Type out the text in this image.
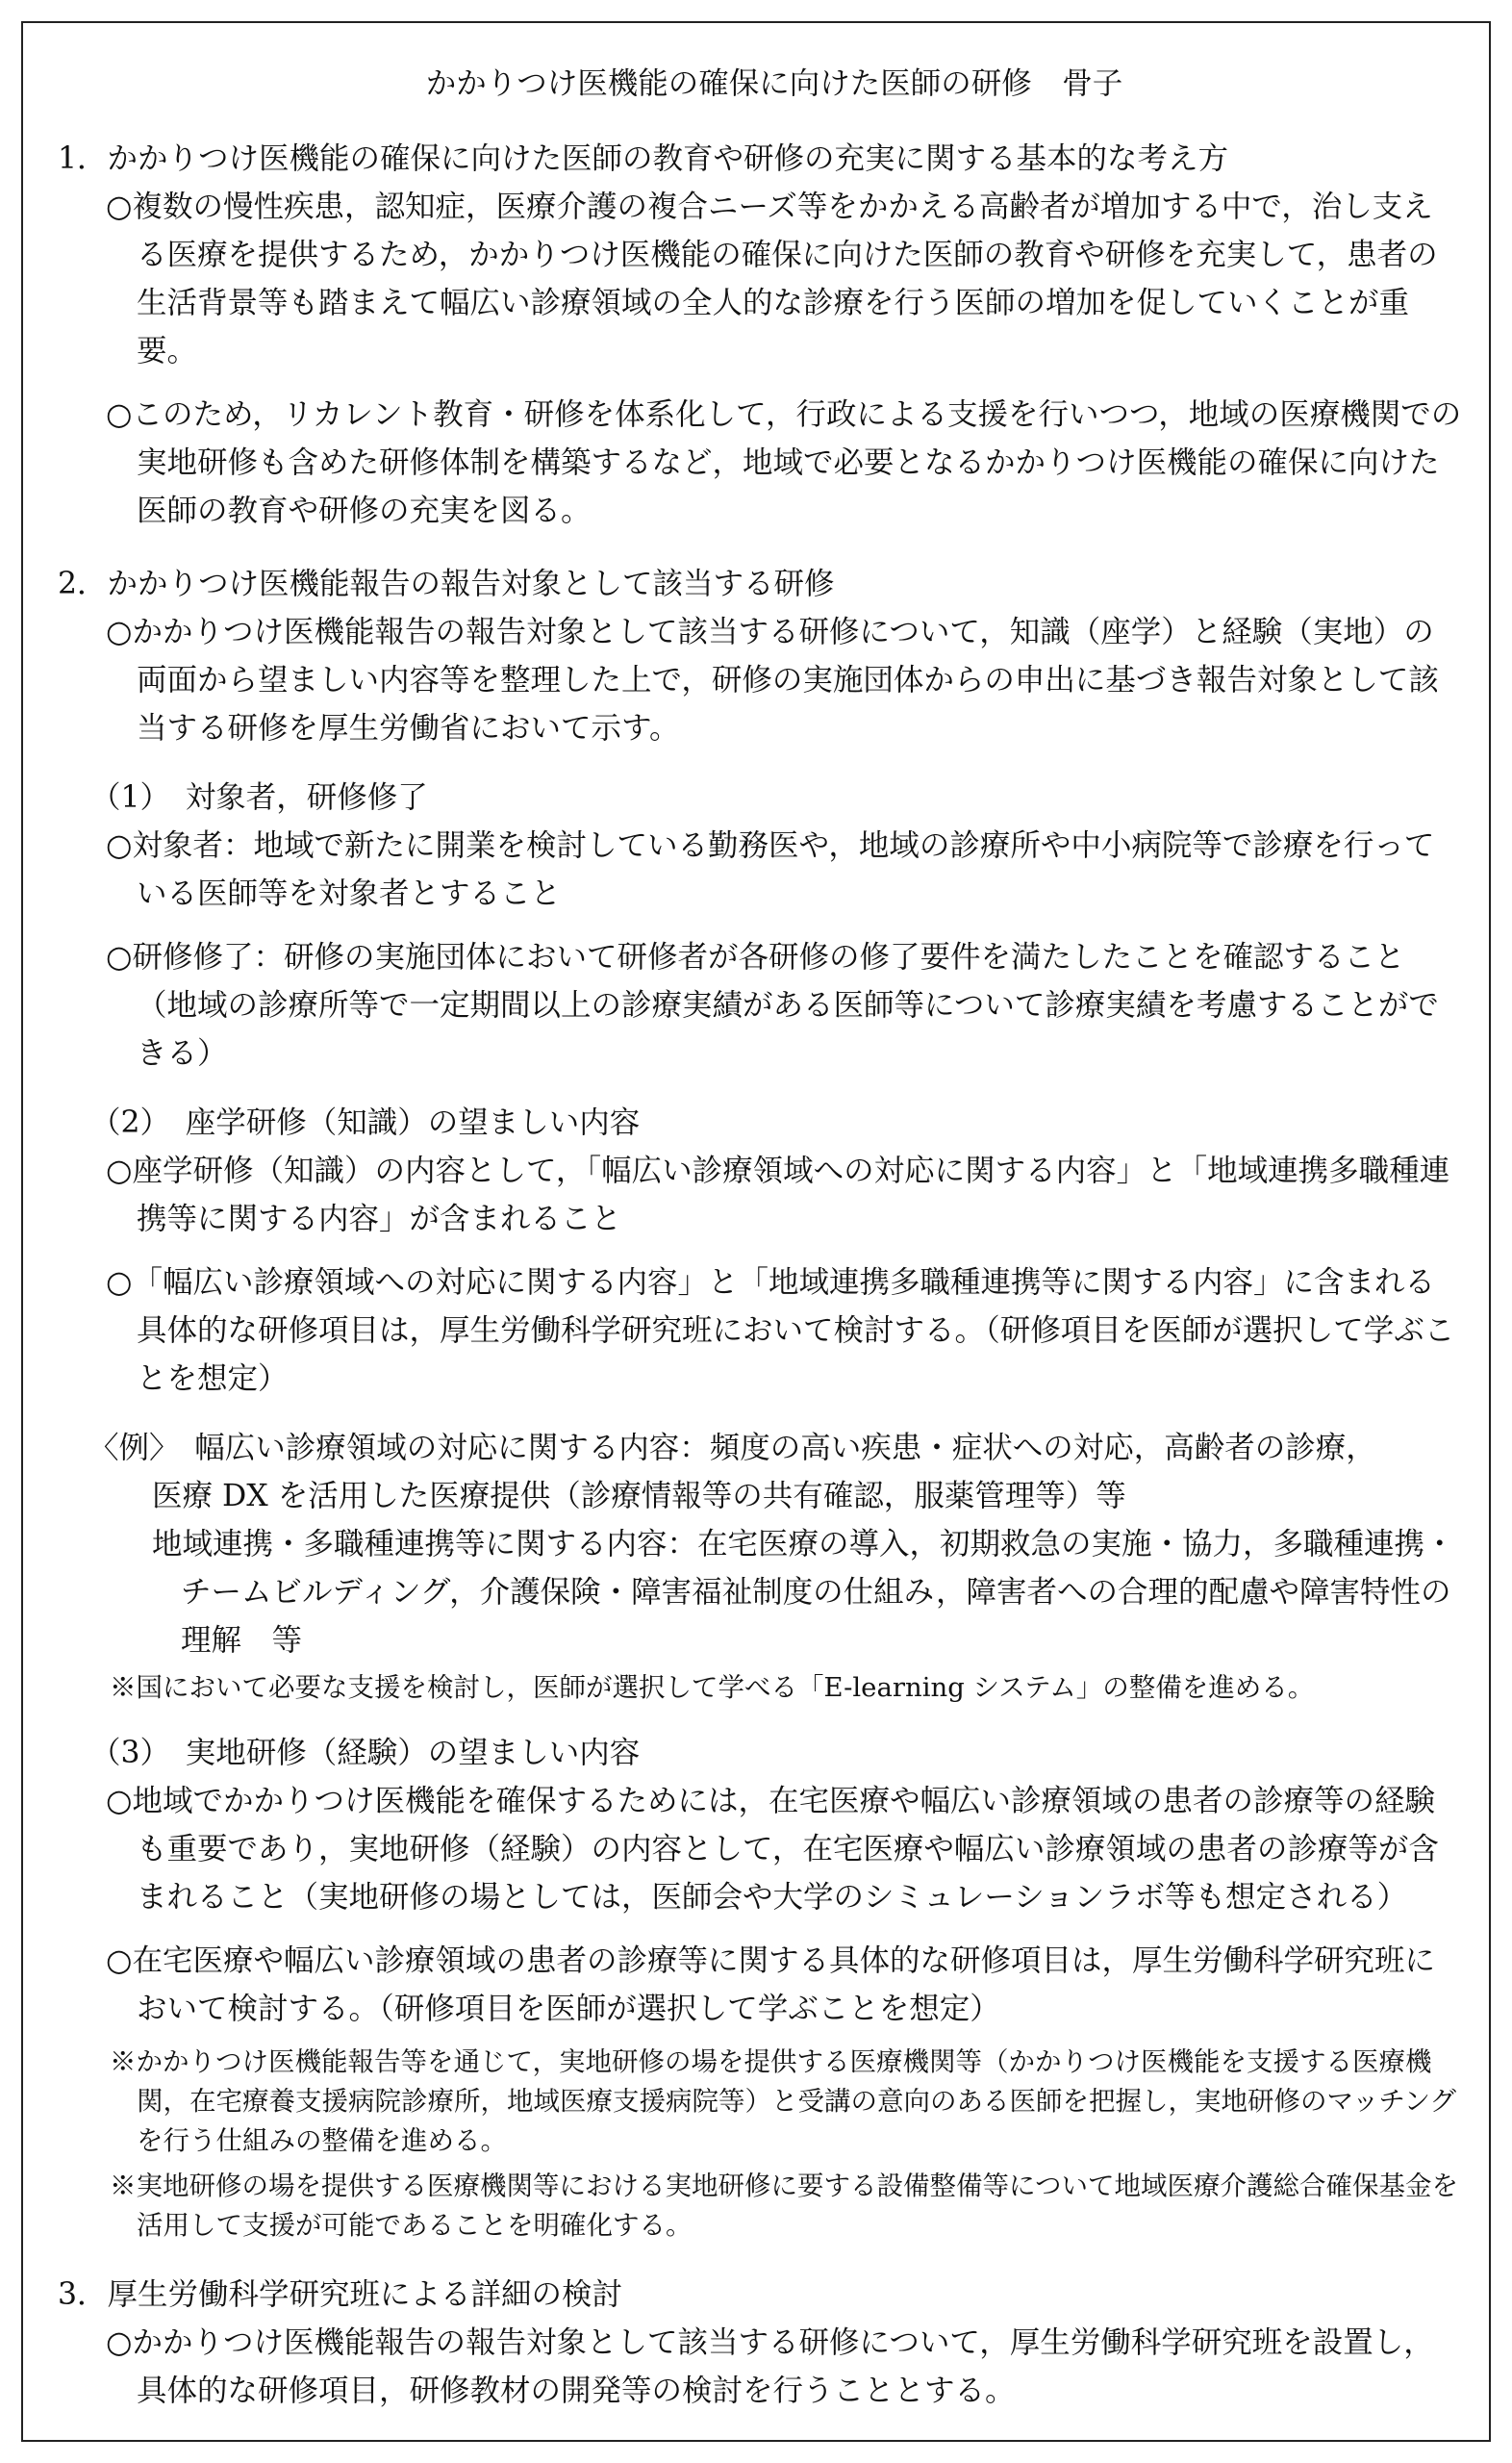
かかりつけ医機能の確保に向けた医師の研修　骨子
1．かかりつけ医機能の確保に向けた医師の教育や研修の充実に関する基本的な考え方

○複数の慢性疾患，認知症，医療介護の複合ニーズ等をかかえる高齢者が増加する中で，治し支える医療を提供するため，かかりつけ医機能の確保に向けた医師の教育や研修を充実して，患者の生活背景等も踏まえて幅広い診療領域の全人的な診療を行う医師の増加を促していくことが重要。

○このため，リカレント教育・研修を体系化して，行政による支援を行いつつ，地域の医療機関での実地研修も含めた研修体制を構築するなど，地域で必要となるかかりつけ医機能の確保に向けた医師の教育や研修の充実を図る。

2．かかりつけ医機能報告の報告対象として該当する研修

○かかりつけ医機能報告の報告対象として該当する研修について，知識（座学）と経験（実地）の両面から望ましい内容等を整理した上で，研修の実施団体からの申出に基づき報告対象として該当する研修を厚生労働省において示す。

（1）　対象者，研修修了

○対象者：地域で新たに開業を検討している勤務医や，地域の診療所や中小病院等で診療を行っている医師等を対象者とすること

○研修修了：研修の実施団体において研修者が各研修の修了要件を満たしたことを確認すること（地域の診療所等で一定期間以上の診療実績がある医師等について診療実績を考慮することができる）

（2）　座学研修（知識）の望ましい内容

○座学研修（知識）の内容として，「幅広い診療領域への対応に関する内容」と「地域連携多職種連携等に関する内容」が含まれること

○「幅広い診療領域への対応に関する内容」と「地域連携多職種連携等に関する内容」に含まれる具体的な研修項目は，厚生労働科学研究班において検討する。（研修項目を医師が選択して学ぶことを想定）

〈例〉　幅広い診療領域の対応に関する内容：頻度の高い疾患・症状への対応，高齢者の診療，

医療 DX を活用した医療提供（診療情報等の共有確認，服薬管理等）等

地域連携・多職種連携等に関する内容：在宅医療の導入，初期救急の実施・協力，多職種連携・チームビルディング，介護保険・障害福祉制度の仕組み，障害者への合理的配慮や障害特性の理解　等

※国において必要な支援を検討し，医師が選択して学べる「E-learning システム」の整備を進める。

（3）　実地研修（経験）の望ましい内容

○地域でかかりつけ医機能を確保するためには，在宅医療や幅広い診療領域の患者の診療等の経験も重要であり，実地研修（経験）の内容として，在宅医療や幅広い診療領域の患者の診療等が含まれること（実地研修の場としては，医師会や大学のシミュレーションラボ等も想定される）

○在宅医療や幅広い診療領域の患者の診療等に関する具体的な研修項目は，厚生労働科学研究班において検討する。（研修項目を医師が選択して学ぶことを想定）

※かかりつけ医機能報告等を通じて，実地研修の場を提供する医療機関等（かかりつけ医機能を支援する医療機関，在宅療養支援病院診療所，地域医療支援病院等）と受講の意向のある医師を把握し，実地研修のマッチングを行う仕組みの整備を進める。

※実地研修の場を提供する医療機関等における実地研修に要する設備整備等について地域医療介護総合確保基金を活用して支援が可能であることを明確化する。

3．厚生労働科学研究班による詳細の検討

○かかりつけ医機能報告の報告対象として該当する研修について，厚生労働科学研究班を設置し，具体的な研修項目，研修教材の開発等の検討を行うこととする。
